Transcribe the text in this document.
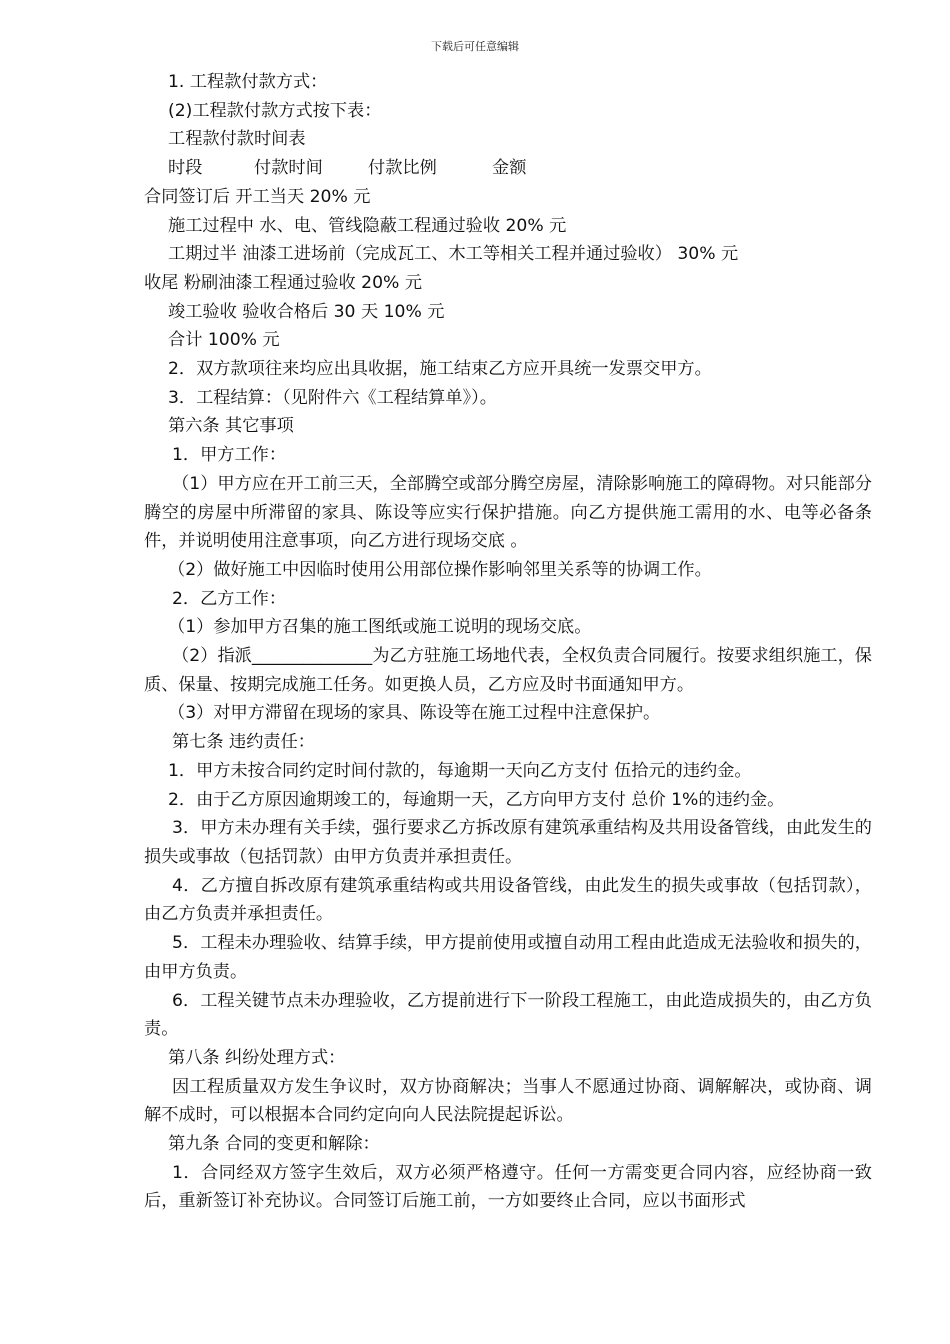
下载后可任意编辑
1. 工程款付款方式：
(2)工程款付款方式按下表：
工程款付款时间表
时段	付款时间	付款比例	金额
合同签订后 开工当天 20% 元
施工过程中 水、电、管线隐蔽工程通过验收 20% 元
工期过半 油漆工进场前（完成瓦工、木工等相关工程并通过验收） 30% 元
收尾 粉刷油漆工程通过验收 20% 元
竣工验收 验收合格后 30 天 10% 元
合计 100% 元
2．双方款项往来均应出具收据，施工结束乙方应开具统一发票交甲方。
3．工程结算：（见附件六《工程结算单》）。
第六条 其它事项
1．甲方工作：
（1）甲方应在开工前三天，全部腾空或部分腾空房屋，清除影响施工的障碍物。对只能部分腾空的房屋中所滞留的家具、陈设等应实行保护措施。向乙方提供施工需用的水、电等必备条件，并说明使用注意事项，向乙方进行现场交底 。
（2）做好施工中因临时使用公用部位操作影响邻里关系等的协调工作。
2．乙方工作：
（1）参加甲方召集的施工图纸或施工说明的现场交底。
（2）指派______________为乙方驻施工场地代表，全权负责合同履行。按要求组织施工，保质、保量、按期完成施工任务。如更换人员，乙方应及时书面通知甲方。
（3）对甲方滞留在现场的家具、陈设等在施工过程中注意保护。
第七条 违约责任：
1．甲方未按合同约定时间付款的，每逾期一天向乙方支付 伍拾元的违约金。
2．由于乙方原因逾期竣工的，每逾期一天，乙方向甲方支付 总价 1%的违约金。
3．甲方未办理有关手续，强行要求乙方拆改原有建筑承重结构及共用设备管线，由此发生的损失或事故（包括罚款）由甲方负责并承担责任。
4．乙方擅自拆改原有建筑承重结构或共用设备管线，由此发生的损失或事故（包括罚款），由乙方负责并承担责任。
5．工程未办理验收、结算手续，甲方提前使用或擅自动用工程由此造成无法验收和损失的，由甲方负责。
6．工程关键节点未办理验收，乙方提前进行下一阶段工程施工，由此造成损失的，由乙方负责。
第八条 纠纷处理方式：
因工程质量双方发生争议时，双方协商解决；当事人不愿通过协商、调解解决，或协商、调解不成时，可以根据本合同约定向向人民法院提起诉讼。
第九条 合同的变更和解除：
1．合同经双方签字生效后，双方必须严格遵守。任何一方需变更合同内容，应经协商一致后，重新签订补充协议。合同签订后施工前，一方如要终止合同，应以书面形式
